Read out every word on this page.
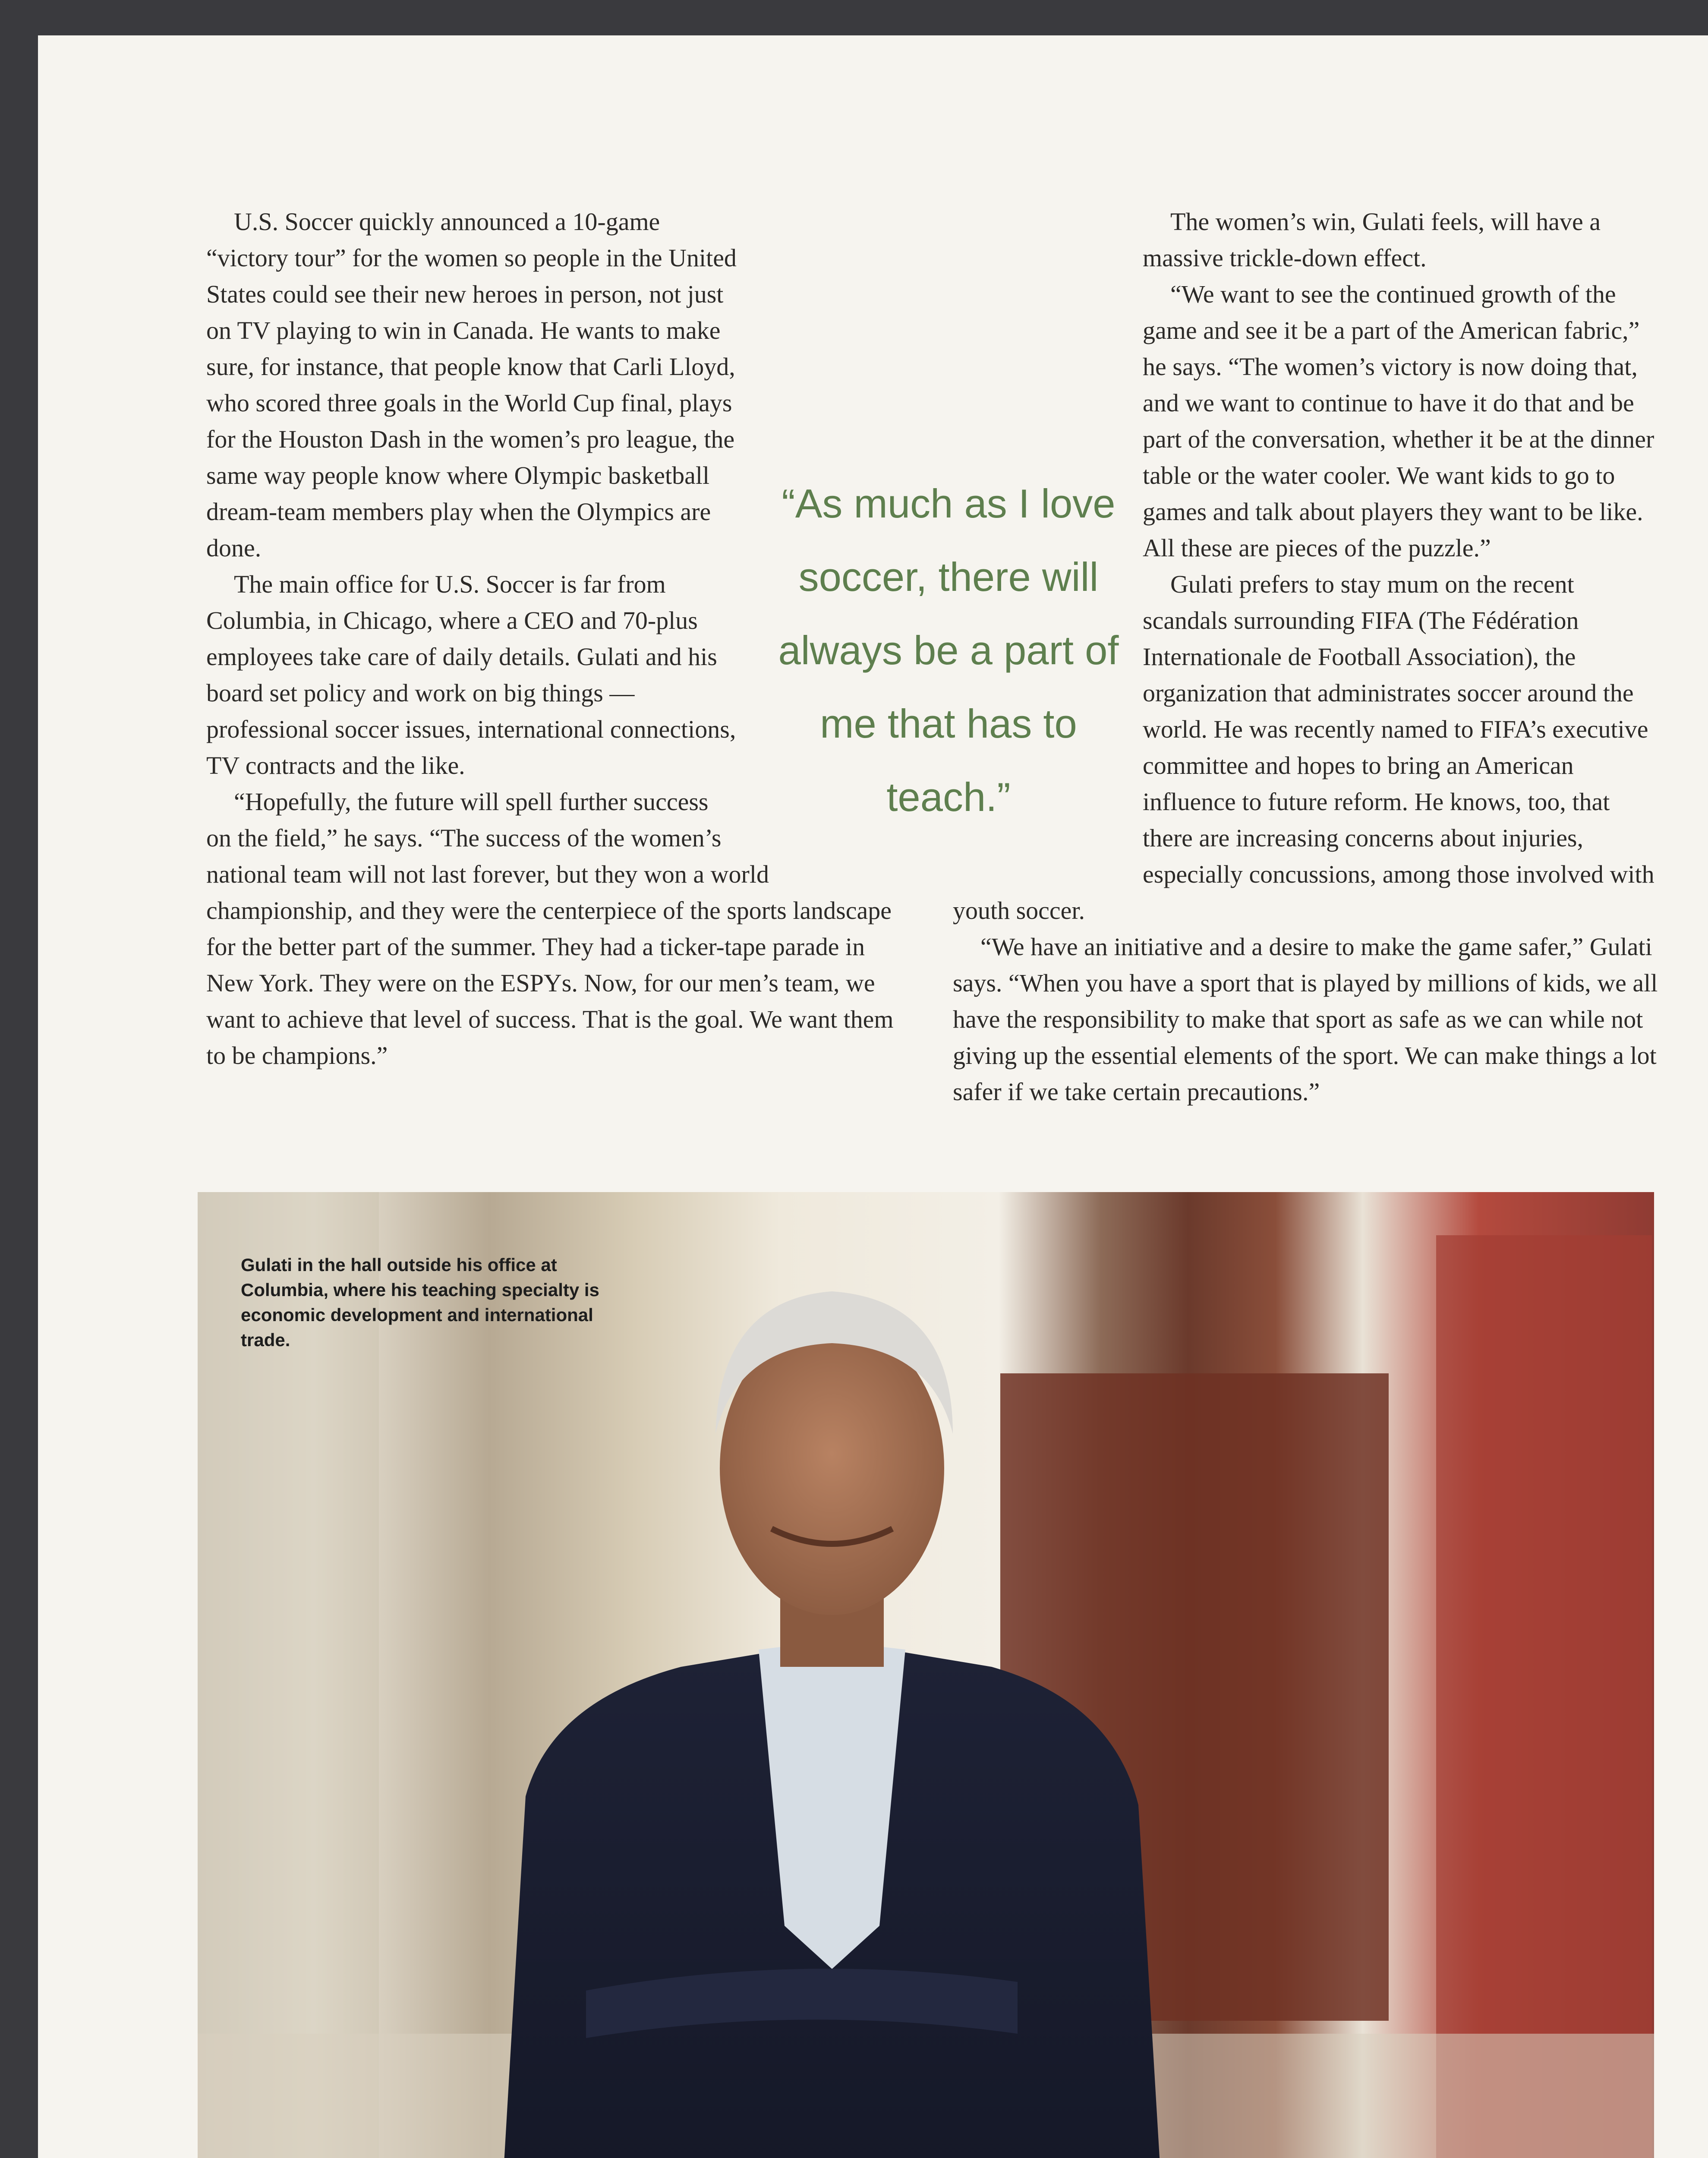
U.S. Soccer quickly announced a 10-game “victory tour” for the women so people in the United States could see their new heroes in person, not just on TV playing to win in Canada. He wants to make sure, for instance, that people know that Carli Lloyd, who scored three goals in the World Cup final, plays for the Houston Dash in the women’s pro league, the same way people know where Olympic basketball dream-team members play when the Olympics are done.

The main office for U.S. Soccer is far from Columbia, in Chicago, where a CEO and 70-plus employees take care of daily details. Gulati and his board set policy and work on big things — professional soccer issues, international connections, TV contracts and the like.

“Hopefully, the future will spell further success on the field,” he says. “The success of the women’s national team will not last forever, but they won a world championship, and they were the centerpiece of the sports landscape for the better part of the summer. They had a ticker-tape parade in New York. They were on the ESPYs. Now, for our men’s team, we want to achieve that level of success. That is the goal. We want them to be champions.”

The women’s win, Gulati feels, will have a massive trickle-down effect.

“We want to see the continued growth of the game and see it be a part of the American fabric,” he says. “The women’s victory is now doing that, and we want to continue to have it do that and be part of the conversation, whether it be at the dinner table or the water cooler. We want kids to go to games and talk about players they want to be like. All these are pieces of the puzzle.”

Gulati prefers to stay mum on the recent scandals surrounding FIFA (The Fédération Internationale de Football Association), the organization that administrates soccer around the world. He was recently named to FIFA’s executive committee and hopes to bring an American influence to future reform. He knows, too, that there are increasing concerns about injuries, especially concussions, among those involved with youth soccer.

“We have an initiative and a desire to make the game safer,” Gulati says. “When you have a sport that is played by millions of kids, we all have the responsibility to make that sport as safe as we can while not giving up the essential elements of the sport. We can make things a lot safer if we take certain precautions.”

“As much as I love soccer, there will always be a part of me that has to teach.”
Gulati in the hall outside his office at Columbia, where his teaching specialty is economic development and international trade.
